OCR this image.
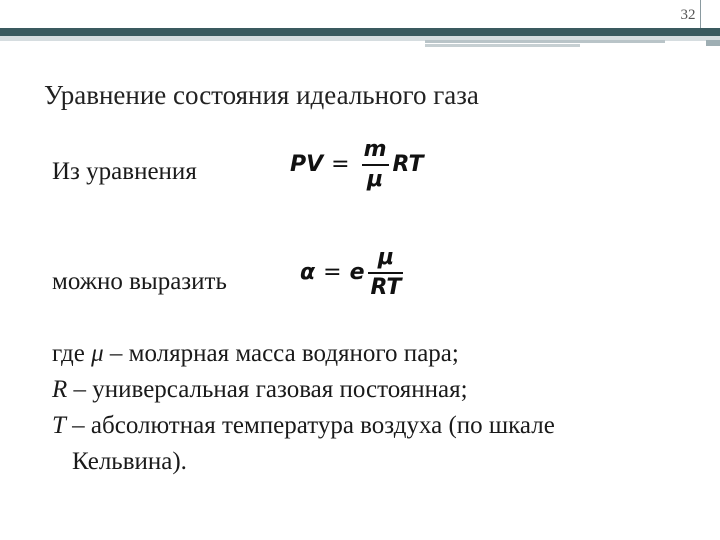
32
Уравнение состояния идеального газа
Из уравнения	PV = $\frac{m}{\mu}$ RT
можно выразить	α = e $\frac{\mu}{RT}$
где μ – молярная масса водяного пара;
R – универсальная газовая постоянная;
T – абсолютная температура воздуха (по шкале
Кельвина).
